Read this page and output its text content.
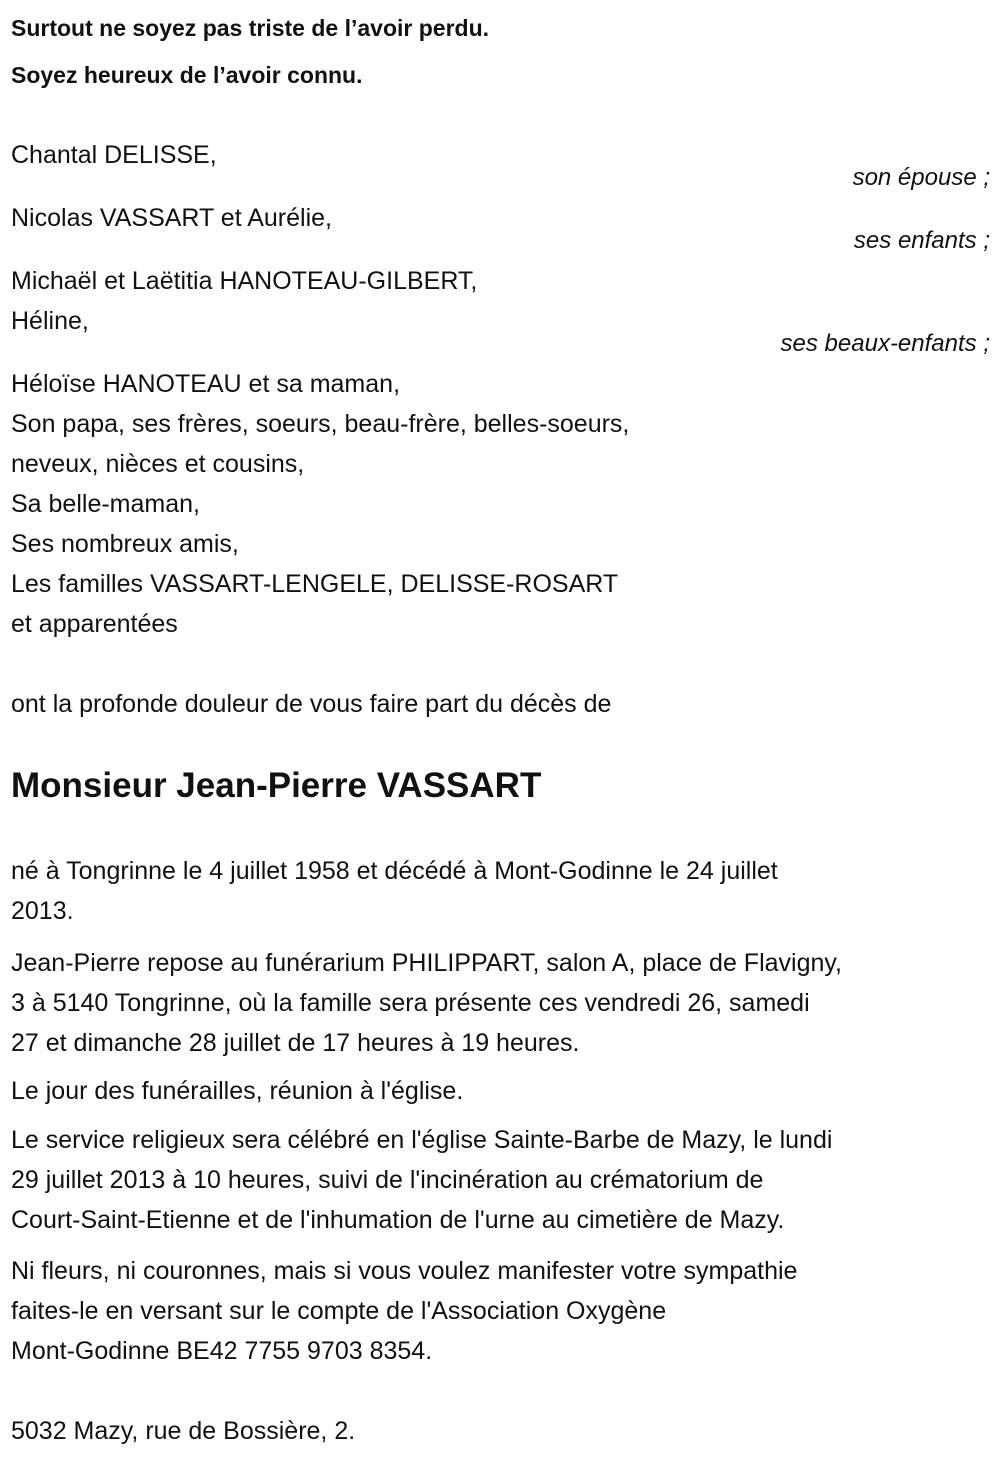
Surtout ne soyez pas triste de l’avoir perdu.
Soyez heureux de l’avoir connu.
Chantal DELISSE,
son épouse ;
Nicolas VASSART et Aurélie,
ses enfants ;
Michaël et Laëtitia HANOTEAU-GILBERT,
Héline,
ses beaux-enfants ;
Héloïse HANOTEAU et sa maman,
Son papa, ses frères, soeurs, beau-frère, belles-soeurs,
neveux, nièces et cousins,
Sa belle-maman,
Ses nombreux amis,
Les familles VASSART-LENGELE, DELISSE-ROSART
et apparentées
ont la profonde douleur de vous faire part du décès de
Monsieur Jean-Pierre VASSART
né à Tongrinne le 4 juillet 1958 et décédé à Mont-Godinne le 24 juillet
2013.
Jean-Pierre repose au funérarium PHILIPPART, salon A, place de Flavigny,
3 à 5140 Tongrinne, où la famille sera présente ces vendredi 26, samedi
27 et dimanche 28 juillet de 17 heures à 19 heures.
Le jour des funérailles, réunion à l'église.
Le service religieux sera célébré en l'église Sainte-Barbe de Mazy, le lundi
29 juillet 2013 à 10 heures, suivi de l'incinération au crématorium de
Court-Saint-Etienne et de l'inhumation de l'urne au cimetière de Mazy.
Ni fleurs, ni couronnes, mais si vous voulez manifester votre sympathie
faites-le en versant sur le compte de l'Association Oxygène
Mont-Godinne BE42 7755 9703 8354.
5032 Mazy, rue de Bossière, 2.
